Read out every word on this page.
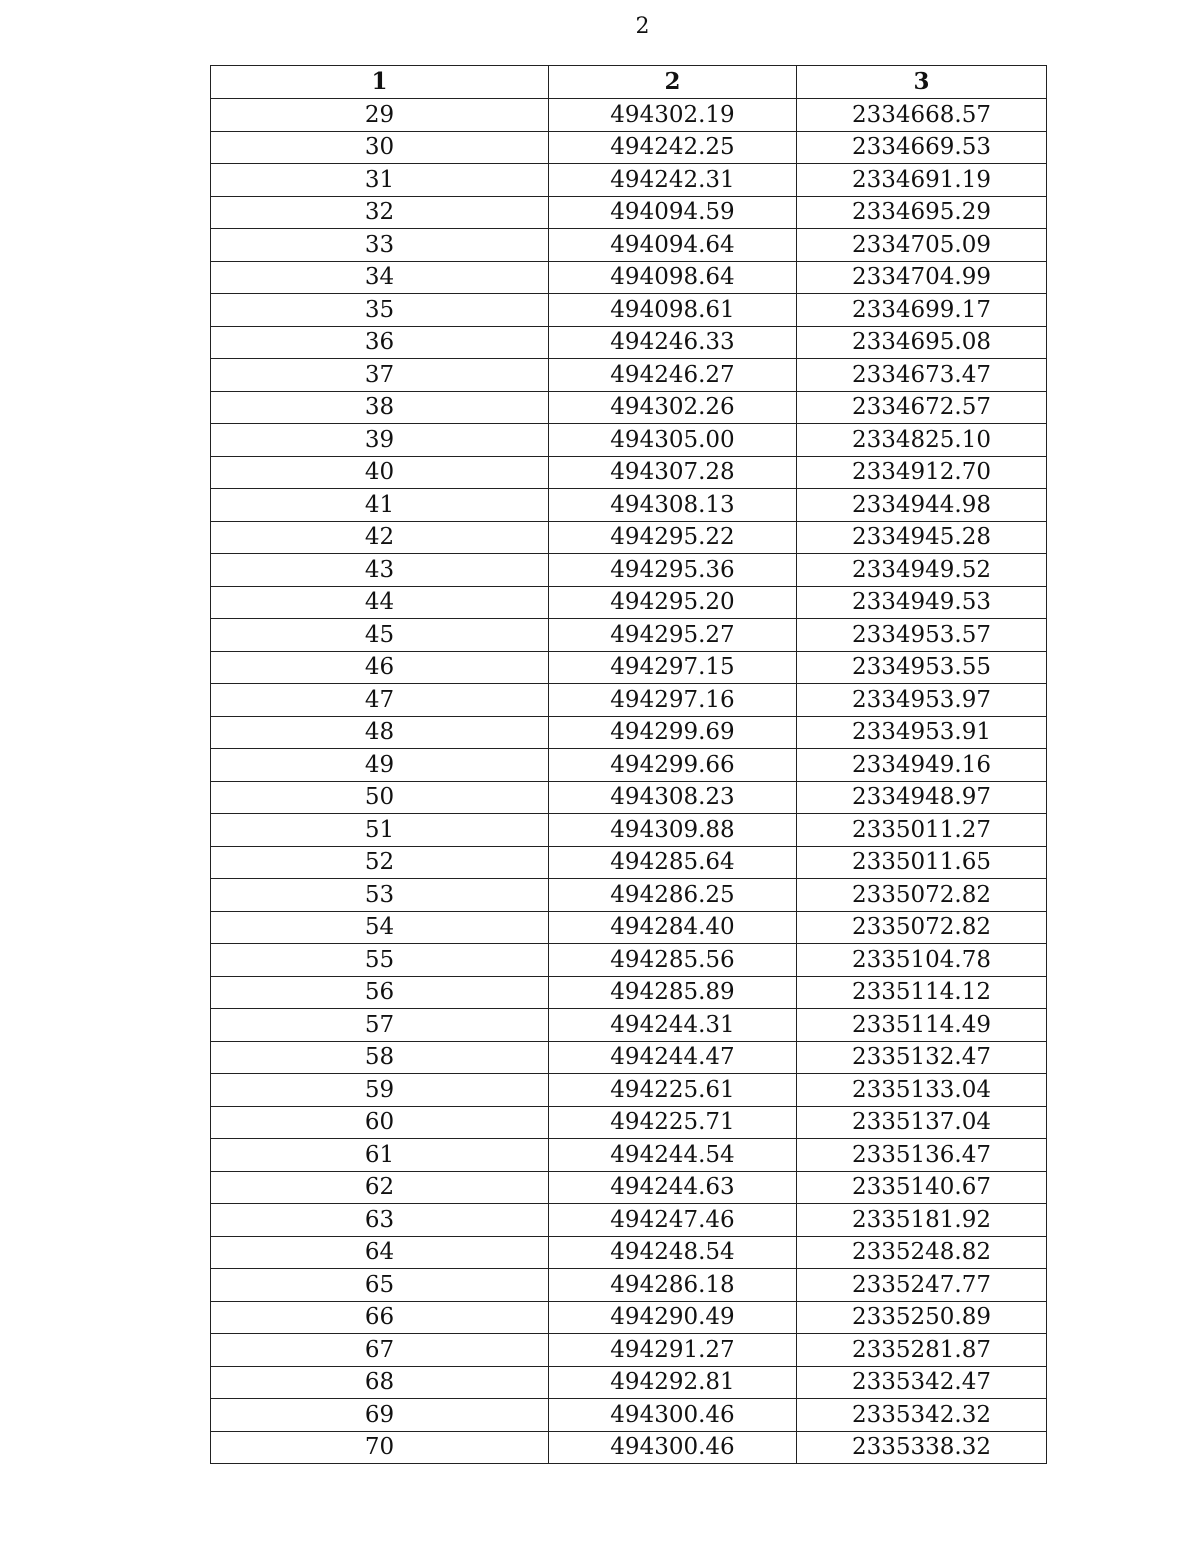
2
1	2	3
29	494302.19	2334668.57
30	494242.25	2334669.53
31	494242.31	2334691.19
32	494094.59	2334695.29
33	494094.64	2334705.09
34	494098.64	2334704.99
35	494098.61	2334699.17
36	494246.33	2334695.08
37	494246.27	2334673.47
38	494302.26	2334672.57
39	494305.00	2334825.10
40	494307.28	2334912.70
41	494308.13	2334944.98
42	494295.22	2334945.28
43	494295.36	2334949.52
44	494295.20	2334949.53
45	494295.27	2334953.57
46	494297.15	2334953.55
47	494297.16	2334953.97
48	494299.69	2334953.91
49	494299.66	2334949.16
50	494308.23	2334948.97
51	494309.88	2335011.27
52	494285.64	2335011.65
53	494286.25	2335072.82
54	494284.40	2335072.82
55	494285.56	2335104.78
56	494285.89	2335114.12
57	494244.31	2335114.49
58	494244.47	2335132.47
59	494225.61	2335133.04
60	494225.71	2335137.04
61	494244.54	2335136.47
62	494244.63	2335140.67
63	494247.46	2335181.92
64	494248.54	2335248.82
65	494286.18	2335247.77
66	494290.49	2335250.89
67	494291.27	2335281.87
68	494292.81	2335342.47
69	494300.46	2335342.32
70	494300.46	2335338.32
